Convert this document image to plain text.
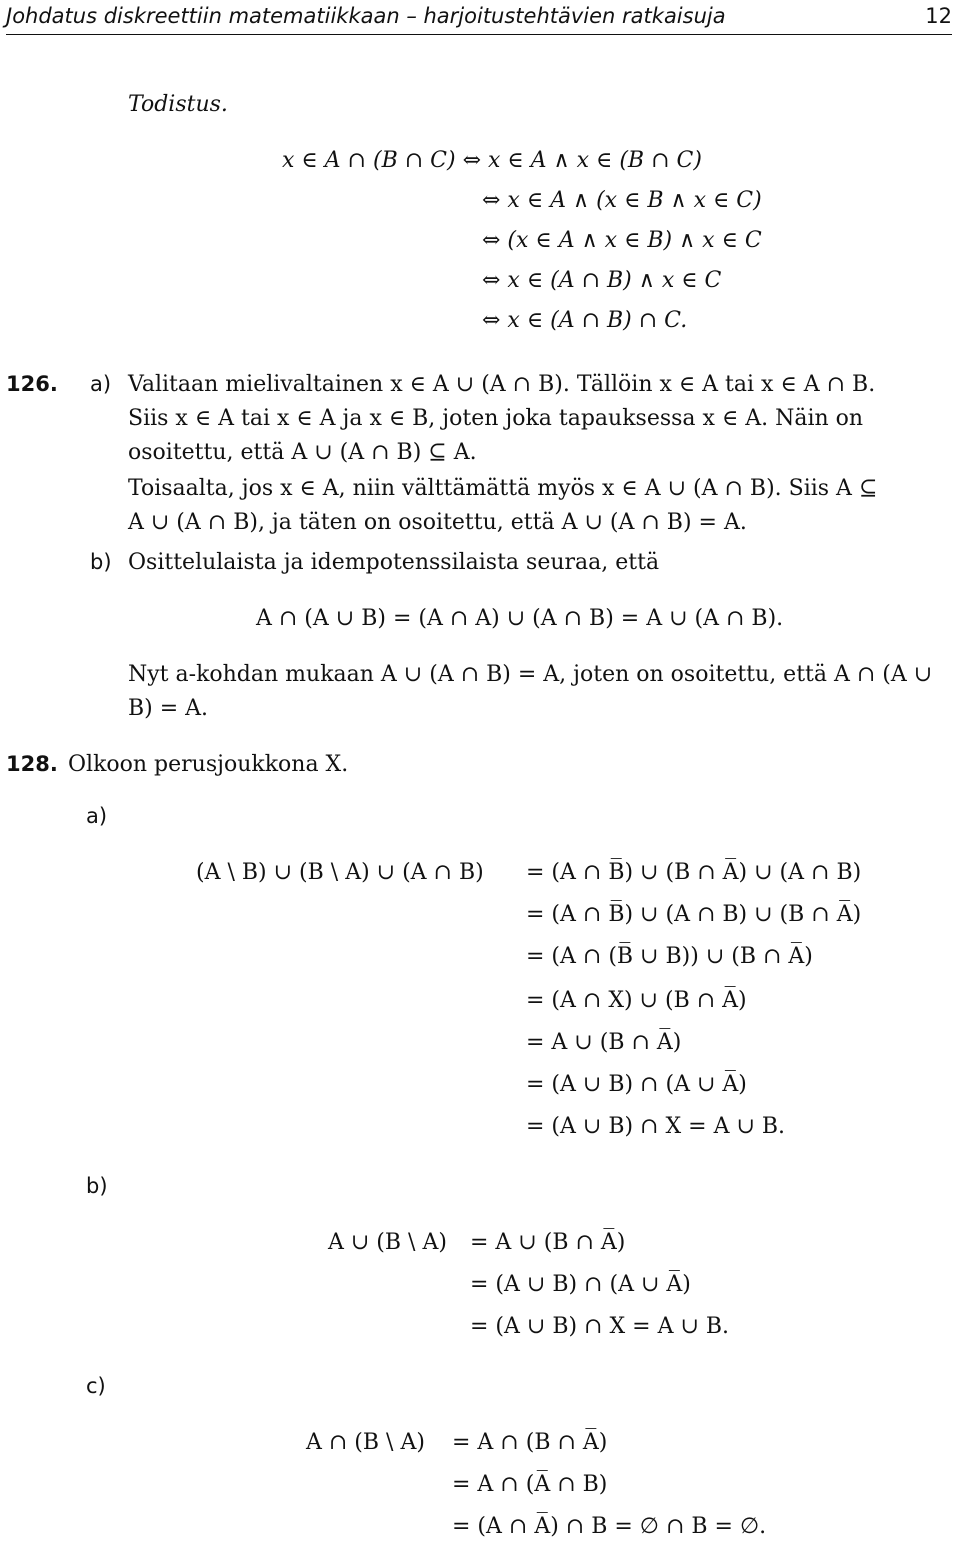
Johdatus diskreettiin matematiikkaan – harjoitustehtävien ratkaisuja	12
Todistus.
x ∈ A ∩ (B ∩ C) ⇔ x ∈ A ∧ x ∈ (B ∩ C)
⇔ x ∈ A ∧ (x ∈ B ∧ x ∈ C)
⇔ (x ∈ A ∧ x ∈ B) ∧ x ∈ C
⇔ x ∈ (A ∩ B) ∧ x ∈ C
⇔ x ∈ (A ∩ B) ∩ C.
126. a) Valitaan mielivaltainen x ∈ A ∪ (A ∩ B). Tällöin x ∈ A tai x ∈ A ∩ B.
Siis x ∈ A tai x ∈ A ja x ∈ B, joten joka tapauksessa x ∈ A. Näin on
osoitettu, että A ∪ (A ∩ B) ⊆ A.
Toisaalta, jos x ∈ A, niin välttämättä myös x ∈ A ∪ (A ∩ B). Siis A ⊆
A ∪ (A ∩ B), ja täten on osoitettu, että A ∪ (A ∩ B) = A.
b) Osittelulaista ja idempotenssilaista seuraa, että
A ∩ (A ∪ B) = (A ∩ A) ∪ (A ∩ B) = A ∪ (A ∩ B).
Nyt a-kohdan mukaan A ∪ (A ∩ B) = A, joten on osoitettu, että A ∩ (A ∪
B) = A.
128. Olkoon perusjoukkona X.
a)
(A \ B) ∪ (B \ A) ∪ (A ∩ B) = (A ∩ B̅) ∪ (B ∩ A̅) ∪ (A ∩ B)
= (A ∩ B̅) ∪ (A ∩ B) ∪ (B ∩ A̅)
= (A ∩ (B̅ ∪ B)) ∪ (B ∩ A̅)
= (A ∩ X) ∪ (B ∩ A̅)
= A ∪ (B ∩ A̅)
= (A ∪ B) ∩ (A ∪ A̅)
= (A ∪ B) ∩ X = A ∪ B.
b)
A ∪ (B \ A) = A ∪ (B ∩ A̅)
= (A ∪ B) ∩ (A ∪ A̅)
= (A ∪ B) ∩ X = A ∪ B.
c)
A ∩ (B \ A) = A ∩ (B ∩ A̅)
= A ∩ (A̅ ∩ B)
= (A ∩ A̅) ∩ B = ∅ ∩ B = ∅.
